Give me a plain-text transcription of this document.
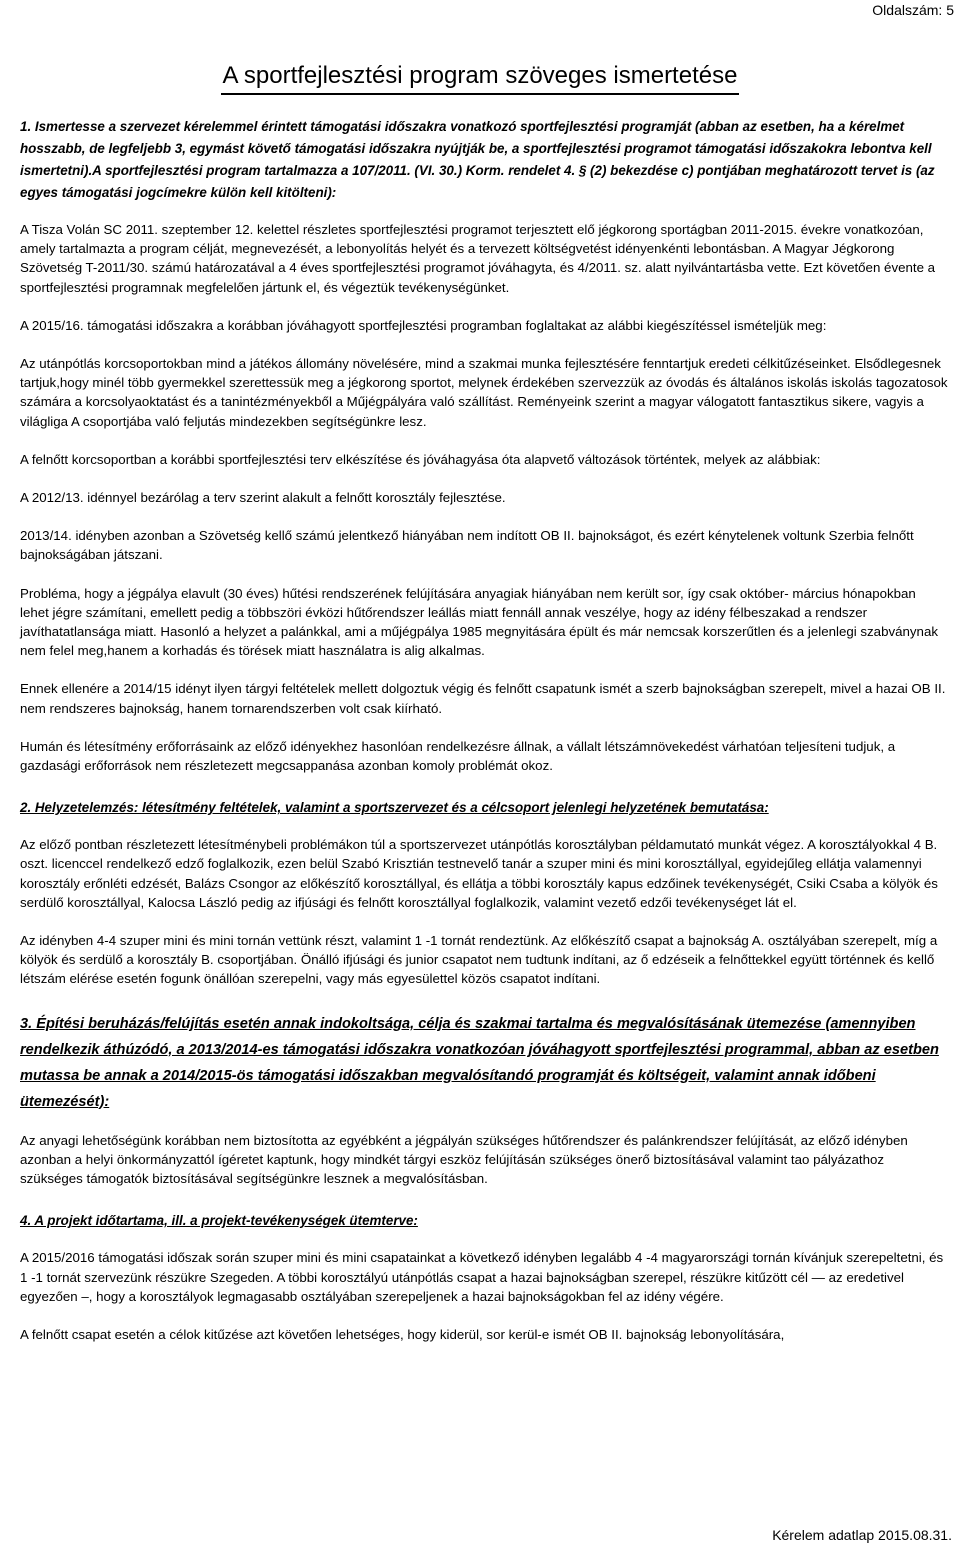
Oldalszám: 5
A sportfejlesztési program szöveges ismertetése

1. Ismertesse a szervezet kérelemmel érintett támogatási időszakra vonatkozó sportfejlesztési programját (abban az esetben, ha a kérelmet hosszabb, de legfeljebb 3, egymást követő támogatási időszakra nyújtják be, a sportfejlesztési programot támogatási időszakokra lebontva kell ismertetni).A sportfejlesztési program tartalmazza a 107/2011. (VI. 30.) Korm. rendelet 4. § (2) bekezdése c) pontjában meghatározott tervet is (az egyes támogatási jogcímekre külön kell kitölteni):

A Tisza Volán SC 2011. szeptember 12. kelettel részletes sportfejlesztési programot terjesztett elő jégkorong sportágban 2011-2015. évekre vonatkozóan, amely tartalmazta a program célját, megnevezését, a lebonyolítás helyét és a tervezett költségvetést idényenkénti lebontásban. A Magyar Jégkorong Szövetség T-2011/30. számú határozatával a 4 éves sportfejlesztési programot jóváhagyta, és 4/2011. sz. alatt nyilvántartásba vette. Ezt követően évente a sportfejlesztési programnak megfelelően jártunk el, és végeztük tevékenységünket.

A 2015/16. támogatási időszakra a korábban jóváhagyott sportfejlesztési programban foglaltakat az alábbi kiegészítéssel ismételjük meg:

Az utánpótlás korcsoportokban mind a játékos állomány növelésére, mind a szakmai munka fejlesztésére fenntartjuk eredeti célkitűzéseinket. Elsődlegesnek tartjuk,hogy minél több gyermekkel szerettessük meg a jégkorong sportot, melynek érdekében szervezzük az óvodás és általános iskolás iskolás tagozatosok számára a korcsolyaoktatást és a tanintézményekből a Műjégpályára való szállítást. Reményeink szerint a magyar válogatott fantasztikus sikere, vagyis a világliga A csoportjába való feljutás mindezekben segítségünkre lesz.

A felnőtt korcsoportban a korábbi sportfejlesztési terv elkészítése és jóváhagyása óta alapvető változások történtek, melyek az alábbiak:

A 2012/13. idénnyel bezárólag a terv szerint alakult a felnőtt korosztály fejlesztése.

2013/14. idényben azonban a Szövetség kellő számú jelentkező hiányában nem indított OB II. bajnokságot, és ezért kénytelenek voltunk Szerbia felnőtt bajnokságában játszani.

Probléma, hogy a jégpálya elavult (30 éves) hűtési rendszerének felújítására anyagiak hiányában nem került sor, így csak október- március hónapokban lehet jégre számítani, emellett pedig a többszöri évközi hűtőrendszer leállás miatt fennáll annak veszélye, hogy az idény félbeszakad a rendszer javíthatatlansága miatt. Hasonló a helyzet a palánkkal, ami a műjégpálya 1985 megnyitására épült és már nemcsak korszerűtlen és a jelenlegi szabványnak nem felel meg,hanem a korhadás és törések miatt használatra is alig alkalmas.

Ennek ellenére a 2014/15 idényt ilyen tárgyi feltételek mellett dolgoztuk végig és felnőtt csapatunk ismét a szerb bajnokságban szerepelt, mivel a hazai OB II. nem rendszeres bajnokság, hanem tornarendszerben volt csak kiírható.

Humán és létesítmény erőforrásaink az előző idényekhez hasonlóan rendelkezésre állnak, a vállalt létszámnövekedést várhatóan teljesíteni tudjuk, a gazdasági erőforrások nem részletezett megcsappanása azonban komoly problémát okoz.

2. Helyzetelemzés: létesítmény feltételek, valamint a sportszervezet és a célcsoport jelenlegi helyzetének bemutatása:

Az előző pontban részletezett létesítménybeli problémákon túl a sportszervezet utánpótlás korosztályban példamutató munkát végez. A korosztályokkal 4 B. oszt. licenccel rendelkező edző foglalkozik, ezen belül Szabó Krisztián testnevelő tanár a szuper mini és mini korosztállyal, egyidejűleg ellátja valamennyi korosztály erőnléti edzését, Balázs Csongor az előkészítő korosztállyal, és ellátja a többi korosztály kapus edzőinek tevékenységét, Csiki Csaba a kölyök és serdülő korosztállyal, Kalocsa László pedig az ifjúsági és felnőtt korosztállyal foglalkozik, valamint vezető edzői tevékenységet lát el.

Az idényben 4-4 szuper mini és mini tornán vettünk részt, valamint 1 -1 tornát rendeztünk. Az előkészítő csapat a bajnokság A. osztályában szerepelt, míg a kölyök és serdülő a korosztály B. csoportjában. Önálló ifjúsági és junior csapatot nem tudtunk indítani, az ő edzéseik a felnőttekkel együtt történnek és kellő létszám elérése esetén fogunk önállóan szerepelni, vagy más egyesülettel közös csapatot indítani.

3. Építési beruházás/felújítás esetén annak indokoltsága, célja és szakmai tartalma és megvalósításának ütemezése (amennyiben rendelkezik áthúzódó, a 2013/2014-es támogatási időszakra vonatkozóan jóváhagyott sportfejlesztési programmal, abban az esetben mutassa be annak a 2014/2015-ös támogatási időszakban megvalósítandó programját és költségeit, valamint annak időbeni ütemezését):

Az anyagi lehetőségünk korábban nem biztosította az egyébként a jégpályán szükséges hűtőrendszer és palánkrendszer felújítását, az előző idényben azonban a helyi önkormányzattól ígéretet kaptunk, hogy mindkét tárgyi eszköz felújításán szükséges önerő biztosításával valamint tao pályázathoz szükséges támogatók biztosításával segítségünkre lesznek a megvalósításban.

4. A projekt időtartama, ill. a projekt-tevékenységek ütemterve:

A 2015/2016 támogatási időszak során szuper mini és mini csapatainkat a következő idényben legalább 4 -4 magyarországi tornán kívánjuk szerepeltetni, és 1 -1 tornát szervezünk részükre Szegeden. A többi korosztályú utánpótlás csapat a hazai bajnokságban szerepel, részükre kitűzött cél — az eredetivel egyezően –, hogy a korosztályok legmagasabb osztályában szerepeljenek a hazai bajnokságokban fel az idény végére.

A felnőtt csapat esetén a célok kitűzése azt követően lehetséges, hogy kiderül, sor kerül-e ismét OB II. bajnokság lebonyolítására,

Kérelem adatlap 2015.08.31.
